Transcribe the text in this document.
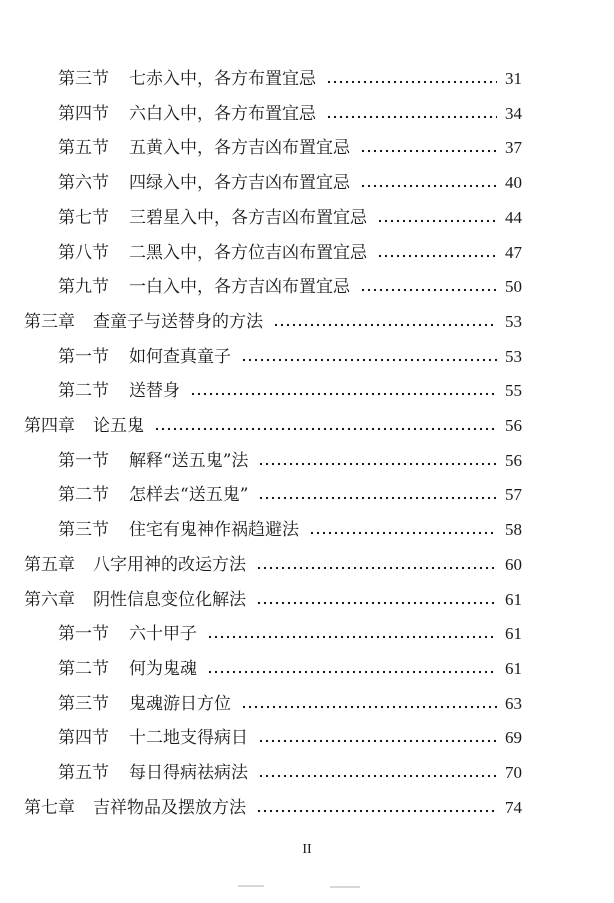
第三节 七赤入中，各方布置宜忌	31
第四节 六白入中，各方布置宜忌	34
第五节 五黄入中，各方吉凶布置宜忌	37
第六节 四绿入中，各方吉凶布置宜忌	40
第七节 三碧星入中，各方吉凶布置宜忌	44
第八节 二黑入中，各方位吉凶布置宜忌	47
第九节 一白入中，各方吉凶布置宜忌	50
第三章 查童子与送替身的方法	53
第一节 如何查真童子	53
第二节 送替身	55
第四章 论五鬼	56
第一节 解释“送五鬼”法	56
第二节 怎样去“送五鬼”	57
第三节 住宅有鬼神作祸趋避法	58
第五章 八字用神的改运方法	60
第六章 阴性信息变位化解法	61
第一节 六十甲子	61
第二节 何为鬼魂	61
第三节 鬼魂游日方位	63
第四节 十二地支得病日	69
第五节 每日得病祛病法	70
第七章 吉祥物品及摆放方法	74
II
